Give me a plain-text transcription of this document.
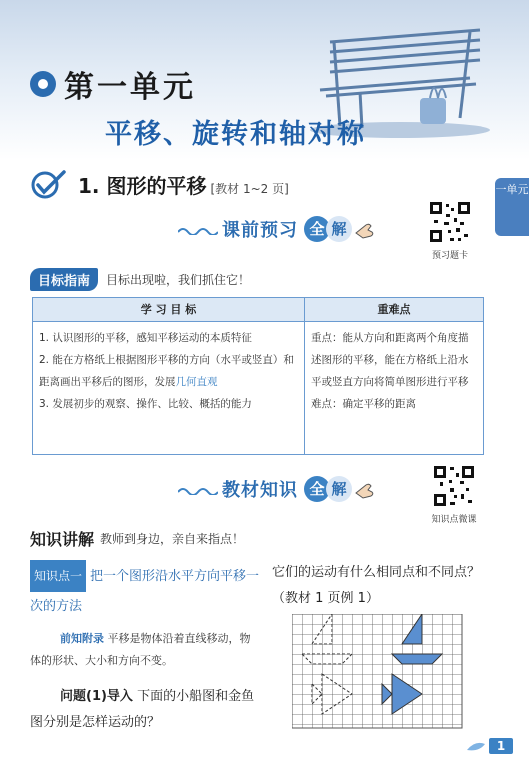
第一单元
平移、旋转和轴对称
1. 图形的平移 [教材 1~2 页]	一单元
课前预习 全 解
预习题卡
目标指南	目标出现啦，我们抓住它！
学 习 目 标	重难点
1. 认识图形的平移，感知平移运动的本质特征
2. 能在方格纸上根据图形平移的方向（水平或竖直）和距离画出平移后的图形，发展几何直观
3. 发展初步的观察、操作、比较、概括的能力
重点：能从方向和距离两个角度描述图形的平移，能在方格纸上沿水平或竖直方向将简单图形进行平移
难点：确定平移的距离
教材知识 全 解
知识点微课
知识讲解 教师到身边，亲自来指点！
知识点一 把一个图形沿水平方向平移一次的方法
前知附录 平移是物体沿着直线移动，物体的形状、大小和方向不变。
问题(1)导入 下面的小船图和金鱼图分别是怎样运动的？
它们的运动有什么相同点和不同点？（教材 1 页例 1）
1
